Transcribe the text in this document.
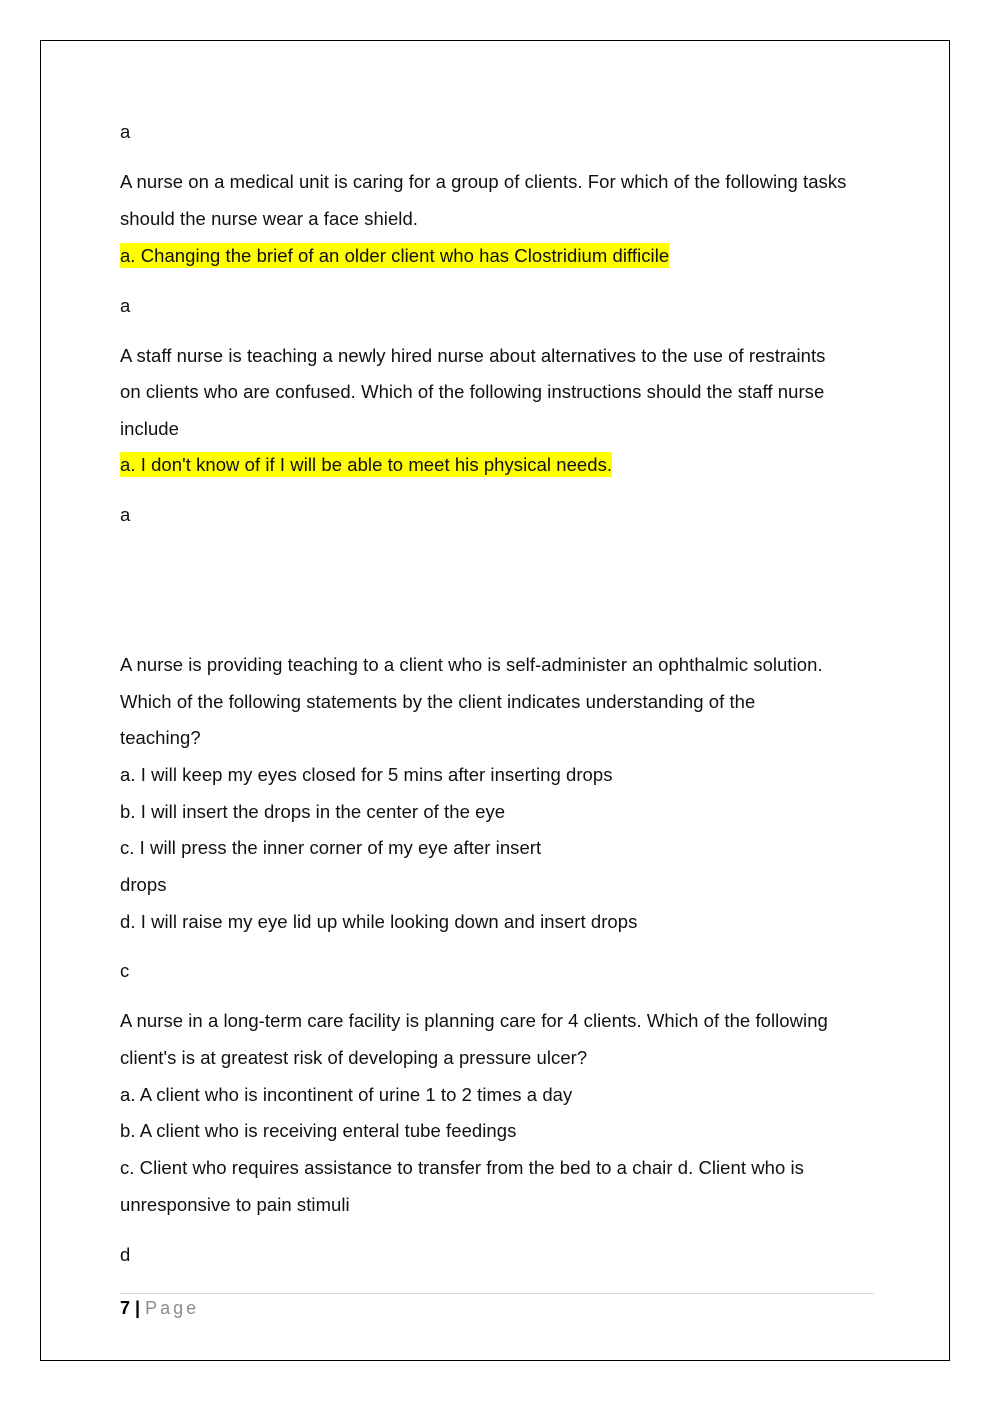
a
A nurse on a medical unit is caring for a group of clients. For which of the following tasks
should the nurse wear a face shield.
a. Changing the brief of an older client who has Clostridium difficile
a
A staff nurse is teaching a newly hired nurse about alternatives to the use of restraints
on clients who are confused. Which of the following instructions should the staff nurse
include
a. I don't know of if I will be able to meet his physical needs.
a
A nurse is providing teaching to a client who is self-administer an ophthalmic solution.
Which of the following statements by the client indicates understanding of the
teaching?
a. I will keep my eyes closed for 5 mins after inserting drops
b. I will insert the drops in the center of the eye
c. I will press the inner corner of my eye after insert
drops
d. I will raise my eye lid up while looking down and insert drops
c
A nurse in a long-term care facility is planning care for 4 clients. Which of the following
client's is at greatest risk of developing a pressure ulcer?
a. A client who is incontinent of urine 1 to 2 times a day
b. A client who is receiving enteral tube feedings
c. Client who requires assistance to transfer from the bed to a chair d. Client who is
unresponsive to pain stimuli
d
7 | Page
